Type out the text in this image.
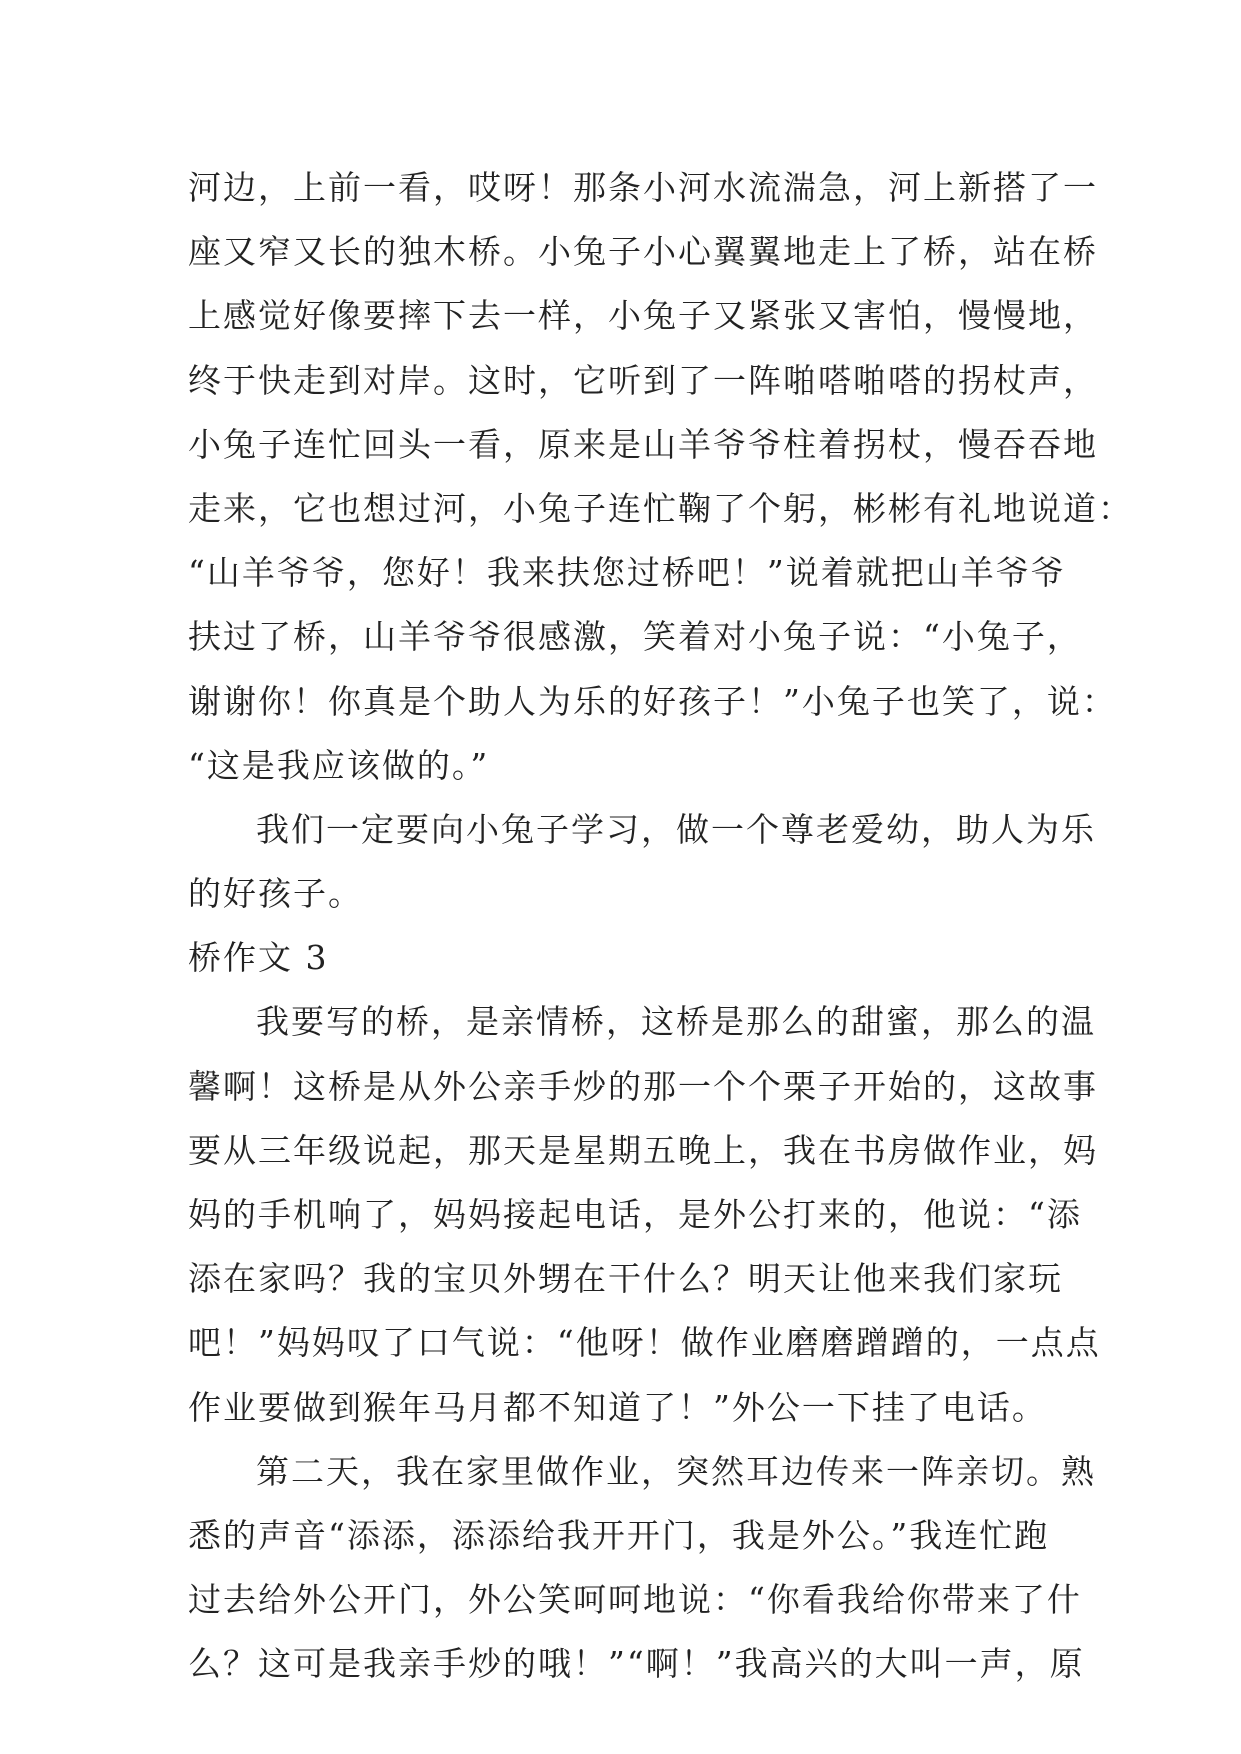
河边，上前一看，哎呀！那条小河水流湍急，河上新搭了一
座又窄又长的独木桥。小兔子小心翼翼地走上了桥，站在桥
上感觉好像要摔下去一样，小兔子又紧张又害怕，慢慢地，
终于快走到对岸。这时，它听到了一阵啪嗒啪嗒的拐杖声，
小兔子连忙回头一看，原来是山羊爷爷柱着拐杖，慢吞吞地
走来，它也想过河，小兔子连忙鞠了个躬，彬彬有礼地说道：
“山羊爷爷，您好！我来扶您过桥吧！”说着就把山羊爷爷
扶过了桥，山羊爷爷很感激，笑着对小兔子说：“小兔子，
谢谢你！你真是个助人为乐的好孩子！”小兔子也笑了，说：
“这是我应该做的。”
我们一定要向小兔子学习，做一个尊老爱幼，助人为乐
的好孩子。
桥作文 3
我要写的桥，是亲情桥，这桥是那么的甜蜜，那么的温
馨啊！这桥是从外公亲手炒的那一个个栗子开始的，这故事
要从三年级说起，那天是星期五晚上，我在书房做作业，妈
妈的手机响了，妈妈接起电话，是外公打来的，他说：“添
添在家吗？我的宝贝外甥在干什么？明天让他来我们家玩
吧！”妈妈叹了口气说：“他呀！做作业磨磨蹭蹭的，一点点
作业要做到猴年马月都不知道了！”外公一下挂了电话。
第二天，我在家里做作业，突然耳边传来一阵亲切。熟
悉的声音“添添，添添给我开开门，我是外公。”我连忙跑
过去给外公开门，外公笑呵呵地说：“你看我给你带来了什
么？这可是我亲手炒的哦！”“啊！”我高兴的大叫一声，原
